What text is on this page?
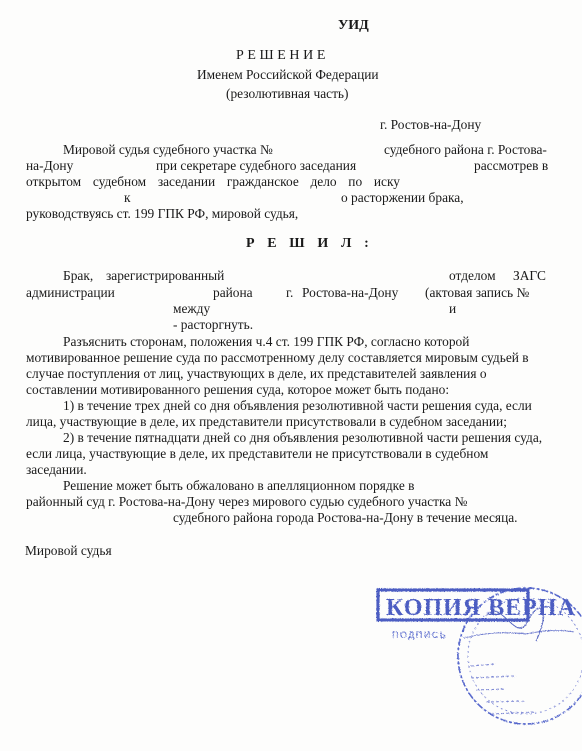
УИД
РЕШЕНИЕ
Именем Российской Федерации
(резолютивная часть)
г. Ростов-на-Дону
Мировой судья судебного участка №	судебного района г. Ростова-
на-Дону	при секретаре судебного заседания	рассмотрев в
открытом судебном заседании гражданское дело по иску
к	о расторжении брака,
руководствуясь ст. 199 ГПК РФ, мировой судья,
Р Е Ш И Л :
Брак, зарегистрированный	отделом ЗАГС
администрации	района г. Ростова-на-Дону (актовая запись №
между	и
- расторгнуть.
Разъяснить сторонам, положения ч.4 ст. 199 ГПК РФ, согласно которой
мотивированное решение суда по рассмотренному делу составляется мировым судьей в
случае поступления от лиц, участвующих в деле, их представителей заявления о
составлении мотивированного решения суда, которое может быть подано:
1) в течение трех дней со дня объявления резолютивной части решения суда, если
лица, участвующие в деле, их представители присутствовали в судебном заседании;
2) в течение пятнадцати дней со дня объявления резолютивной части решения суда,
если лица, участвующие в деле, их представители не присутствовали в судебном
заседании.
Решение может быть обжаловано в апелляционном порядке в
районный суд г. Ростова-на-Дону через мирового судью судебного участка №
судебного района города Ростова-на-Дону в течение месяца.
Мировой судья
КОПИЯ ВЕРНА
ПОДПИСЬ
